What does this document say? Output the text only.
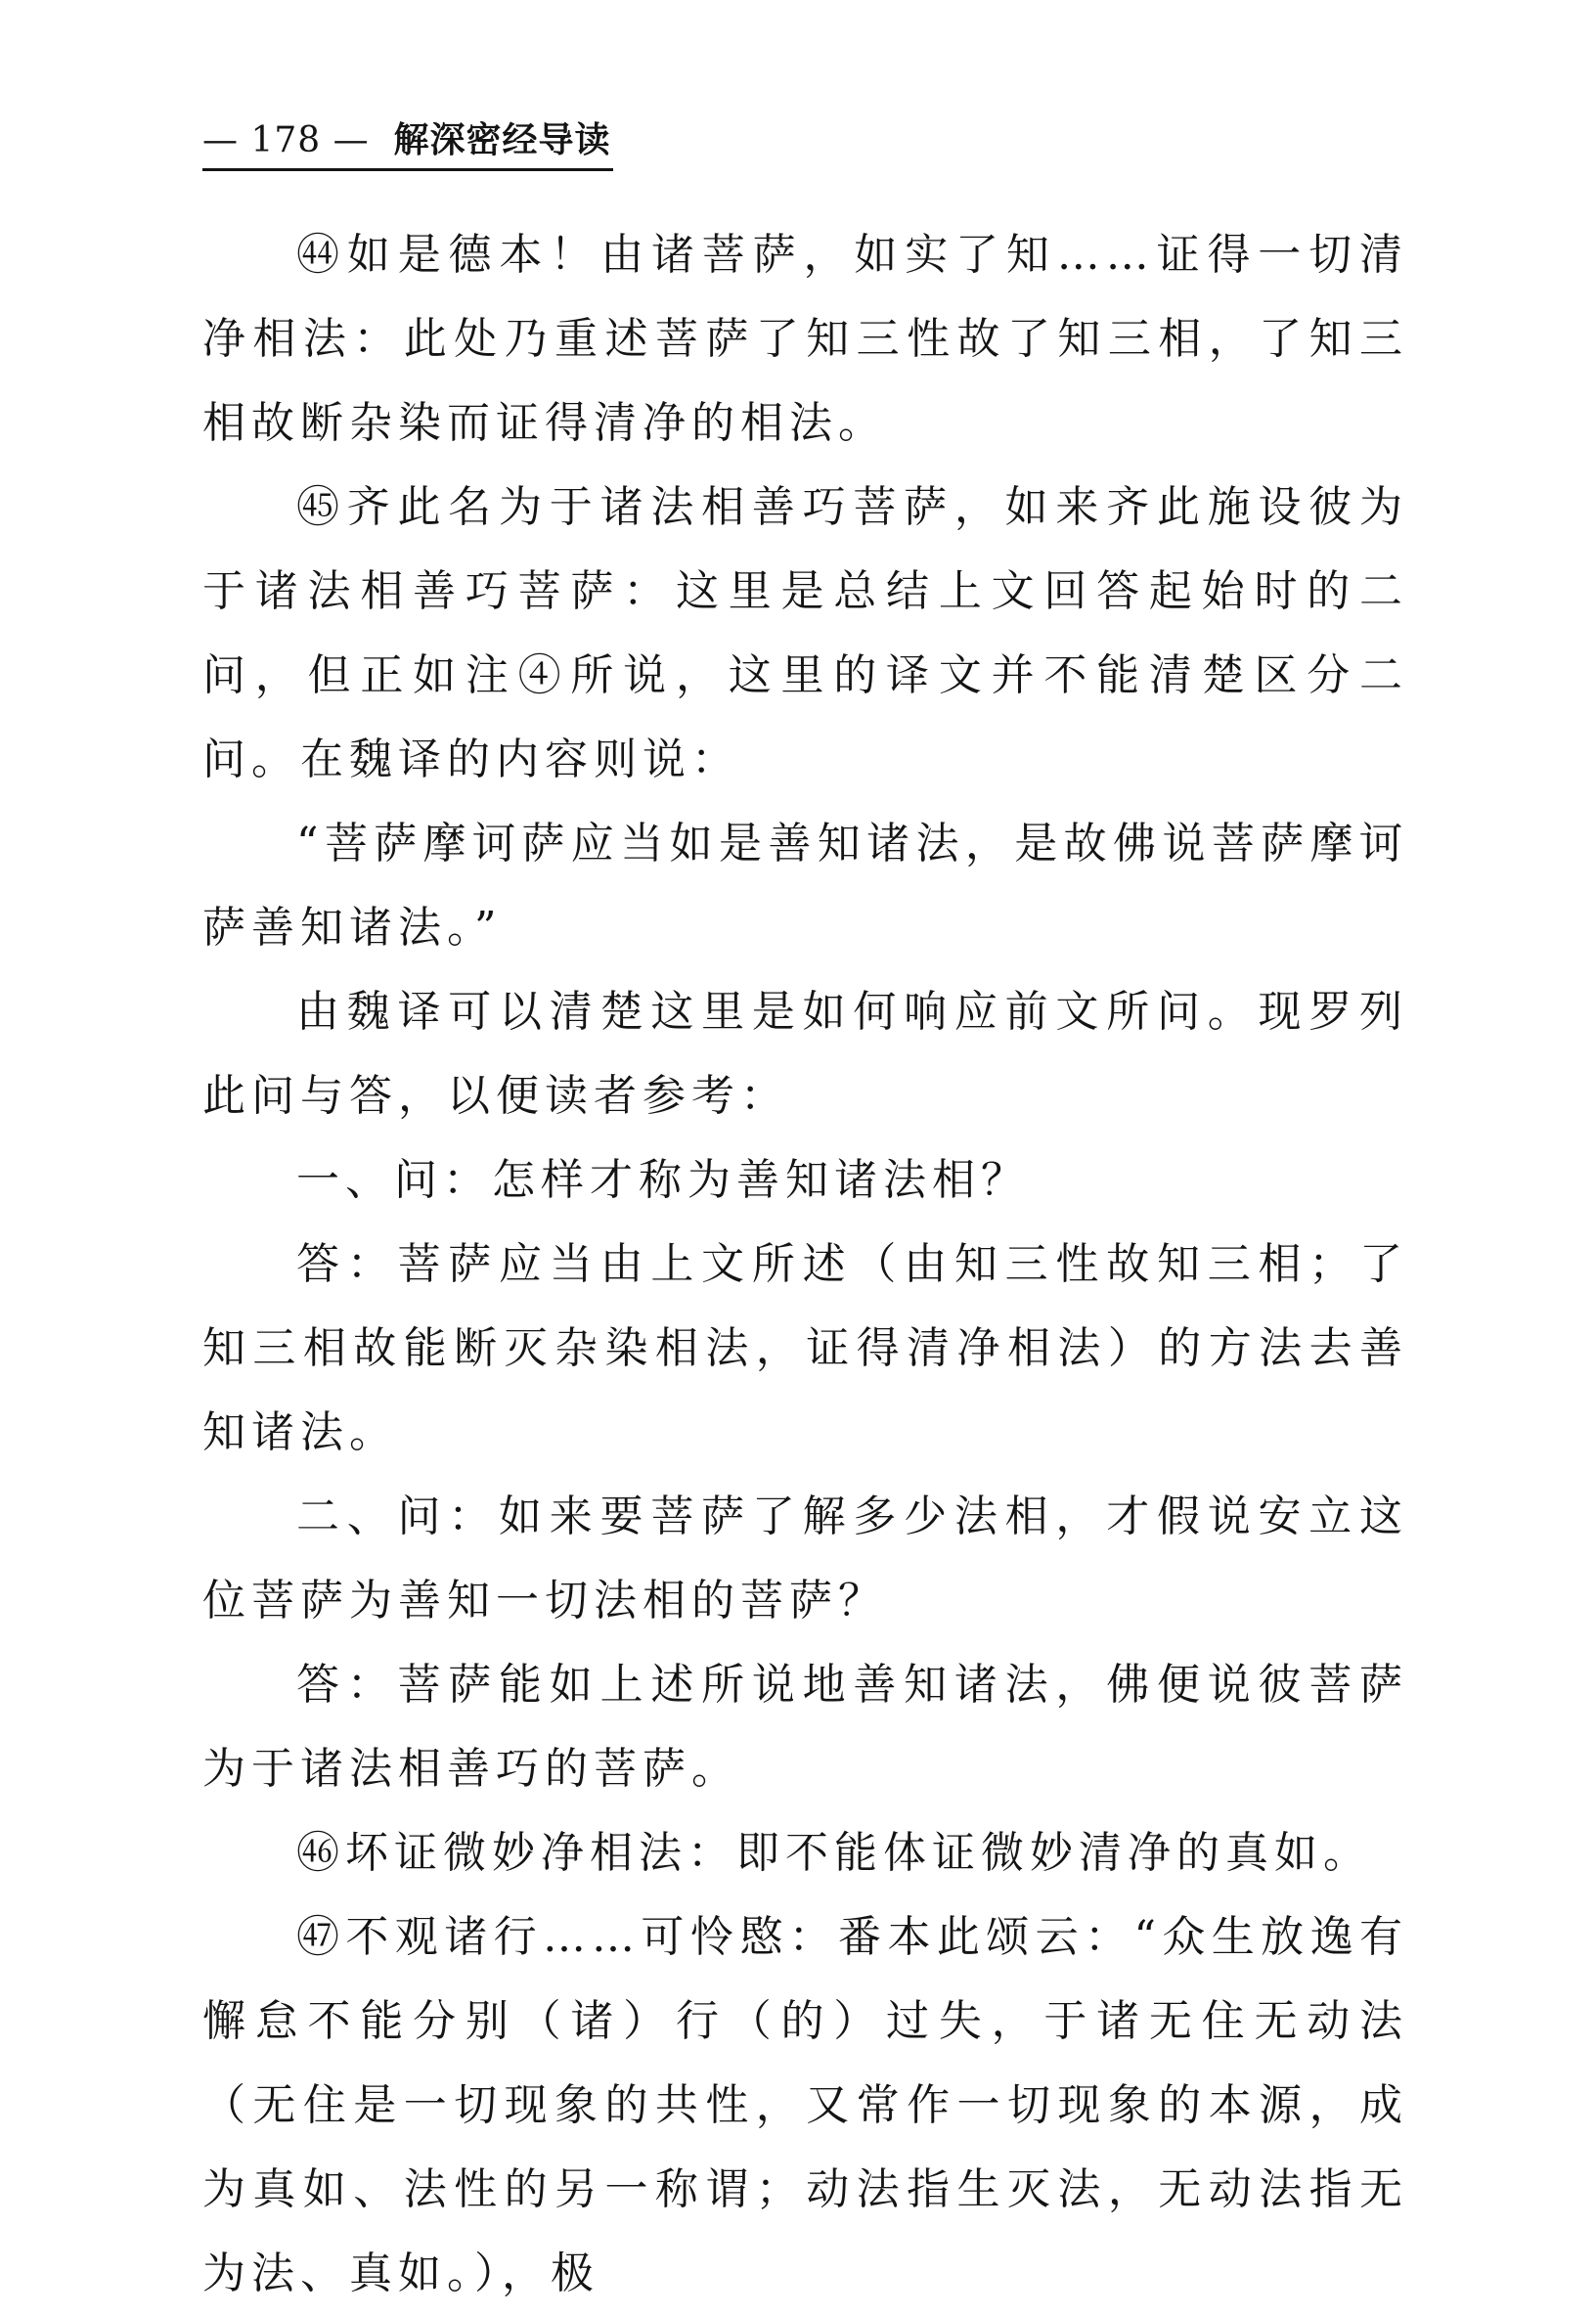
— 178 — 解深密经导读

㊹如是德本！由诸菩萨，如实了知……证得一切清净相法：此处乃重述菩萨了知三性故了知三相，了知三相故断杂染而证得清净的相法。

㊺齐此名为于诸法相善巧菩萨，如来齐此施设彼为于诸法相善巧菩萨：这里是总结上文回答起始时的二问，但正如注④所说，这里的译文并不能清楚区分二问。在魏译的内容则说：

“菩萨摩诃萨应当如是善知诸法，是故佛说菩萨摩诃萨善知诸法。”

由魏译可以清楚这里是如何响应前文所问。现罗列此问与答，以便读者参考：

一、问：怎样才称为善知诸法相？

答：菩萨应当由上文所述（由知三性故知三相；了知三相故能断灭杂染相法，证得清净相法）的方法去善知诸法。

二、问：如来要菩萨了解多少法相，才假说安立这位菩萨为善知一切法相的菩萨？

答：菩萨能如上述所说地善知诸法，佛便说彼菩萨为于诸法相善巧的菩萨。

㊻坏证微妙净相法：即不能体证微妙清净的真如。

㊼不观诸行……可怜愍：番本此颂云：“众生放逸有懈怠不能分别（诸）行（的）过失，于诸无住无动法（无住是一切现象的共性，又常作一切现象的本源，成为真如、法性的另一称谓；动法指生灭法，无动法指无为法、真如。），极
